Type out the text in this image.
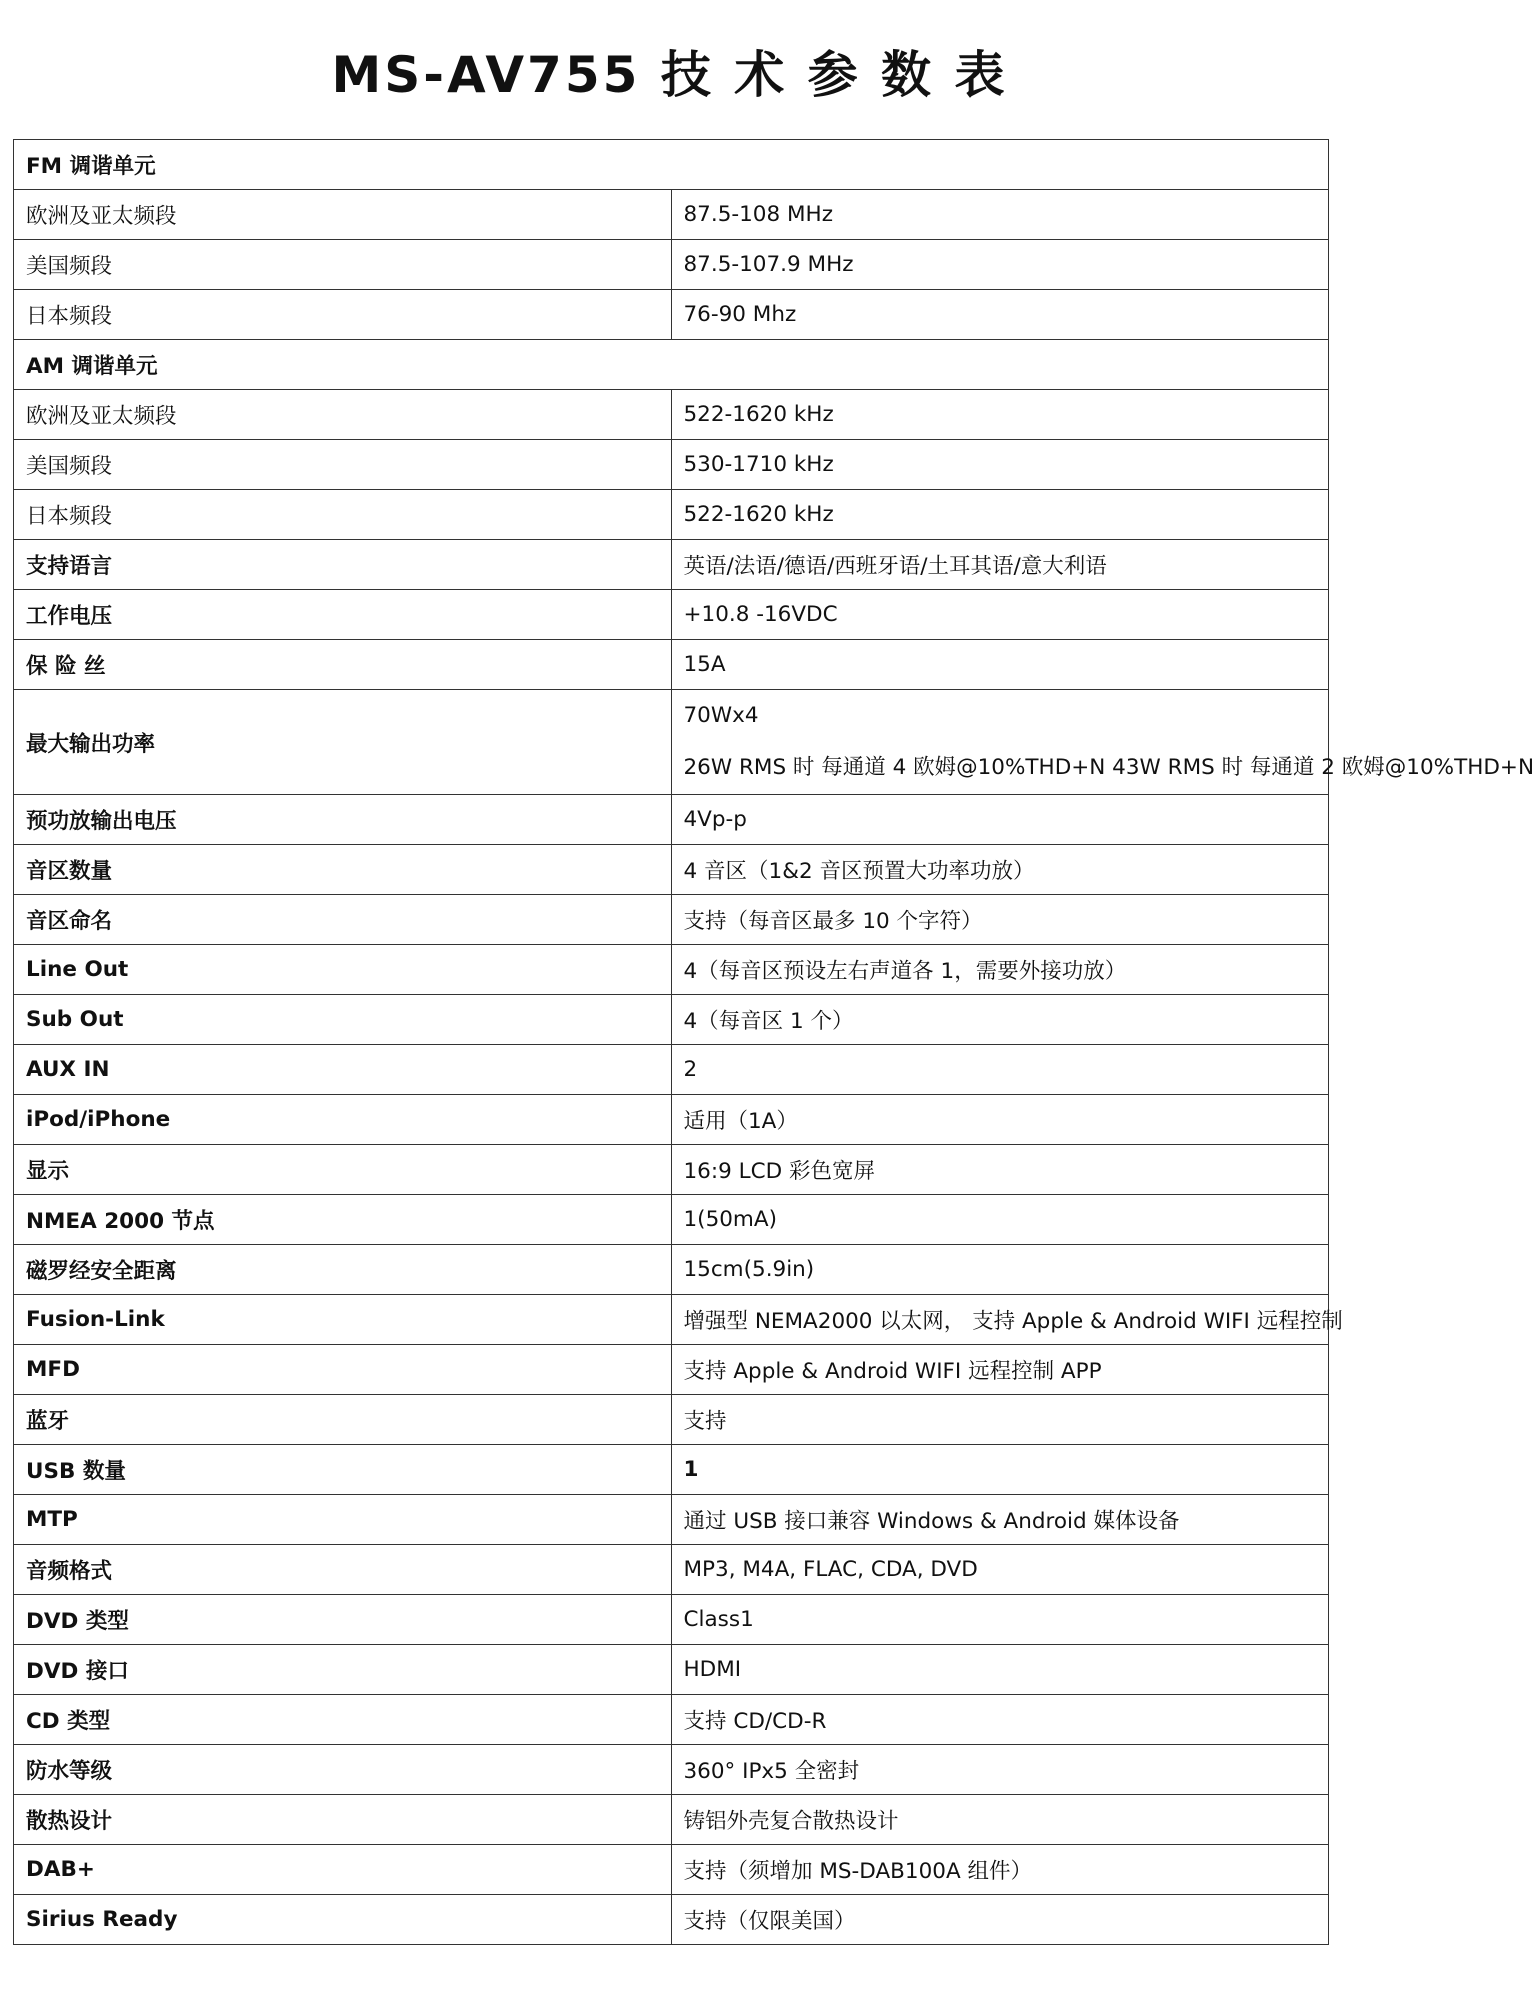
MS-AV755 技 术 参 数 表
FM 调谐单元	
欧洲及亚太频段	87.5-108 MHz
美国频段	87.5-107.9 MHz
日本频段	76-90 Mhz
AM 调谐单元	
欧洲及亚太频段	522-1620 kHz
美国频段	530-1710 kHz
日本频段	522-1620 kHz
支持语言	英语/法语/德语/西班牙语/土耳其语/意大利语
工作电压	+10.8 -16VDC
保 险 丝	15A
最大输出功率	70Wx4
26W RMS 时 每通道 4 欧姆@10%THD+N 43W RMS 时 每通道 2 欧姆@10%THD+N

预功放输出电压	4Vp-p
音区数量	4 音区（1&2 音区预置大功率功放）
音区命名	支持（每音区最多 10 个字符）
Line Out	4（每音区预设左右声道各 1，需要外接功放）
Sub Out	4（每音区 1 个）
AUX IN	2
iPod/iPhone	适用（1A）
显示	16:9 LCD 彩色宽屏
NMEA 2000 节点	1(50mA)
磁罗经安全距离	15cm(5.9in)
Fusion-Link	增强型 NEMA2000 以太网， 支持 Apple & Android WIFI 远程控制
MFD	支持 Apple & Android WIFI 远程控制 APP
蓝牙	支持
USB 数量	1
MTP	通过 USB 接口兼容 Windows & Android 媒体设备
音频格式	MP3, M4A, FLAC, CDA, DVD
DVD 类型	Class1
DVD 接口	HDMI
CD 类型	支持 CD/CD-R
防水等级	360° IPx5 全密封
散热设计	铸铝外壳复合散热设计
DAB+	支持（须增加 MS-DAB100A 组件）
Sirius Ready	支持（仅限美国）
